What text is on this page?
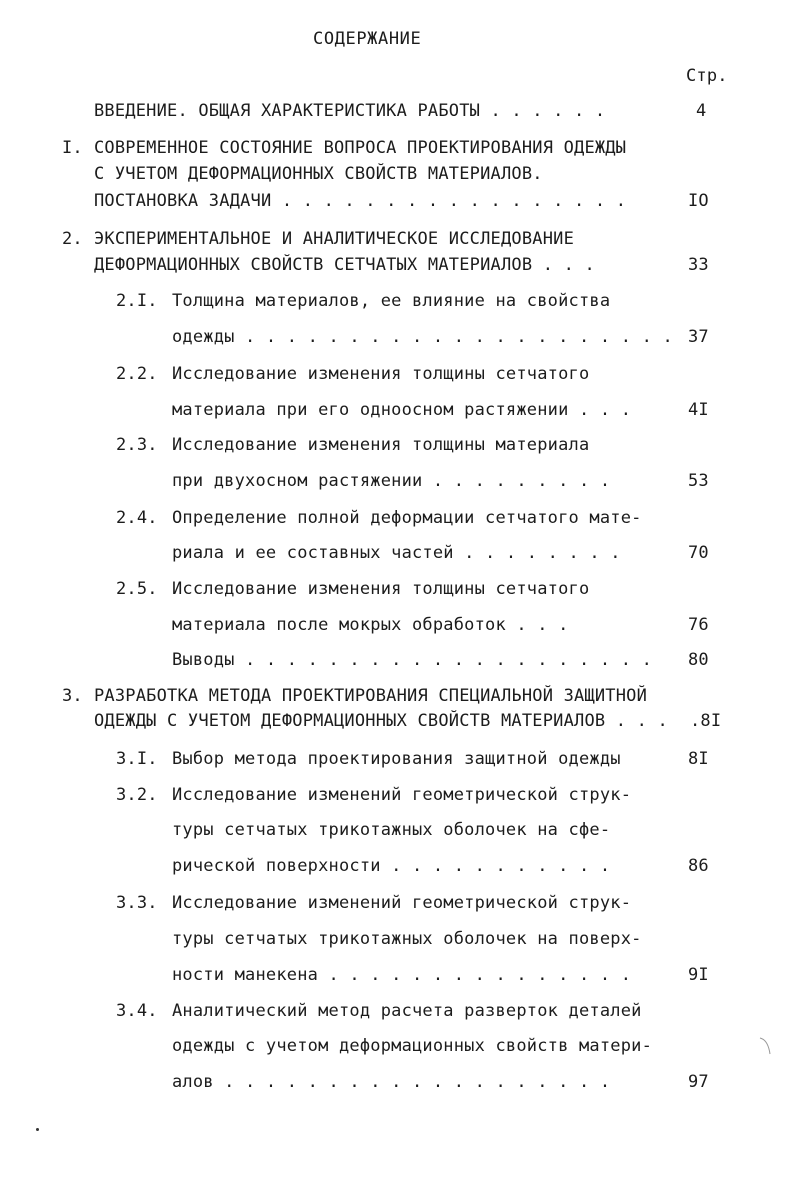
СОДЕРЖАНИЕ
Стр.
ВВЕДЕНИЕ. ОБЩАЯ ХАРАКТЕРИСТИКА РАБОТЫ . . . . . .	4
I. СОВРЕМЕННОЕ СОСТОЯНИЕ ВОПРОСА ПРОЕКТИРОВАНИЯ ОДЕЖДЫ
С УЧЕТОМ ДЕФОРМАЦИОННЫХ СВОЙСТВ МАТЕРИАЛОВ.
ПОСТАНОВКА ЗАДАЧИ . . . . . . . . . . . . . . . . .	IO
2. ЭКСПЕРИМЕНТАЛЬНОЕ И АНАЛИТИЧЕСКОЕ ИССЛЕДОВАНИЕ
ДЕФОРМАЦИОННЫХ СВОЙСТВ СЕТЧАТЫХ МАТЕРИАЛОВ . . .	33
2.I. Толщина материалов, ее влияние на свойства
одежды . . . . . . . . . . . . . . . . . . . . . 37
2.2. Исследование изменения толщины сетчатого
материала при его одноосном растяжении . . .	4I
2.3. Исследование изменения толщины материала
при двухосном растяжении . . . . . . . . .	53
2.4. Определение полной деформации сетчатого мате-
риала и ее составных частей . . . . . . . .	70
2.5. Исследование изменения толщины сетчатого
материала после мокрых обработок . . .	76
Выводы . . . . . . . . . . . . . . . . . . . . 80
3. РАЗРАБОТКА МЕТОДА ПРОЕКТИРОВАНИЯ СПЕЦИАЛЬНОЙ ЗАЩИТНОЙ
ОДЕЖДЫ С УЧЕТОМ ДЕФОРМАЦИОННЫХ СВОЙСТВ МАТЕРИАЛОВ . . . .8I
3.I. Выбор метода проектирования защитной одежды	8I
3.2. Исследование изменений геометрической струк-
туры сетчатых трикотажных оболочек на сфе-
рической поверхности . . . . . . . . . . .	86
3.3. Исследование изменений геометрической струк-
туры сетчатых трикотажных оболочек на поверх-
ности манекена . . . . . . . . . . . . . . .	9I
3.4. Аналитический метод расчета разверток деталей
одежды с учетом деформационных свойств матери-
алов . . . . . . . . . . . . . . . . . . .	97
